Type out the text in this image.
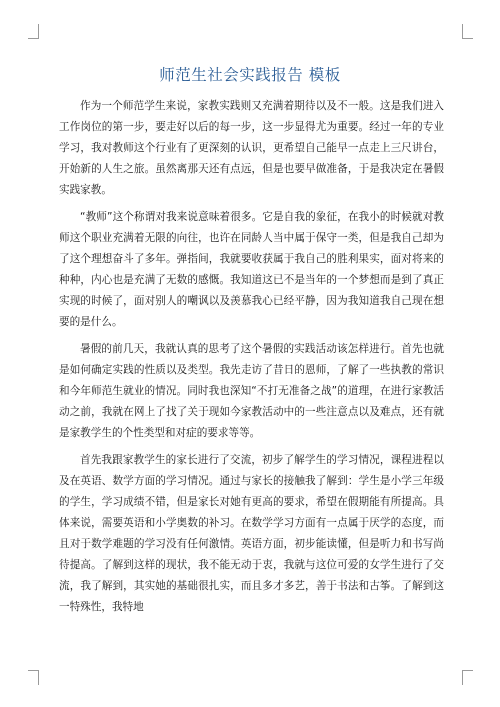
师范生社会实践报告 模板

作为一个师范学生来说，家教实践则又充满着期待以及不一般。这是我们进入工作岗位的第一步，要走好以后的每一步，这一步显得尤为重要。经过一年的专业学习，我对教师这个行业有了更深刻的认识，更希望自己能早一点走上三尺讲台，开始新的人生之旅。虽然离那天还有点远，但是也要早做准备，于是我决定在暑假实践家教。

“教师”这个称谓对我来说意味着很多。它是自我的象征，在我小的时候就对教师这个职业充满着无限的向往，也许在同龄人当中属于保守一类，但是我自己却为了这个理想奋斗了多年。弹指间，我就要收获属于我自己的胜利果实，面对将来的种种，内心也是充满了无数的感慨。我知道这已不是当年的一个梦想而是到了真正实现的时候了，面对别人的嘲讽以及羡慕我心已经平静，因为我知道我自己现在想要的是什么。

暑假的前几天，我就认真的思考了这个暑假的实践活动该怎样进行。首先也就是如何确定实践的性质以及类型。我先走访了昔日的恩师，了解了一些执教的常识和今年师范生就业的情况。同时我也深知“不打无准备之战”的道理，在进行家教活动之前，我就在网上了找了关于现如今家教活动中的一些注意点以及难点，还有就是家教学生的个性类型和对症的要求等等。

首先我跟家教学生的家长进行了交流，初步了解学生的学习情况，课程进程以及在英语、数学方面的学习情况。通过与家长的接触我了解到：学生是小学三年级的学生，学习成绩不错，但是家长对她有更高的要求，希望在假期能有所提高。具体来说，需要英语和小学奥数的补习。在数学学习方面有一点属于厌学的态度，而且对于数学难题的学习没有任何激情。英语方面，初步能读懂，但是听力和书写尚待提高。了解到这样的现状，我不能无动于衷，我就与这位可爱的女学生进行了交流，我了解到，其实她的基础很扎实，而且多才多艺，善于书法和古筝。了解到这一特殊性，我特地
